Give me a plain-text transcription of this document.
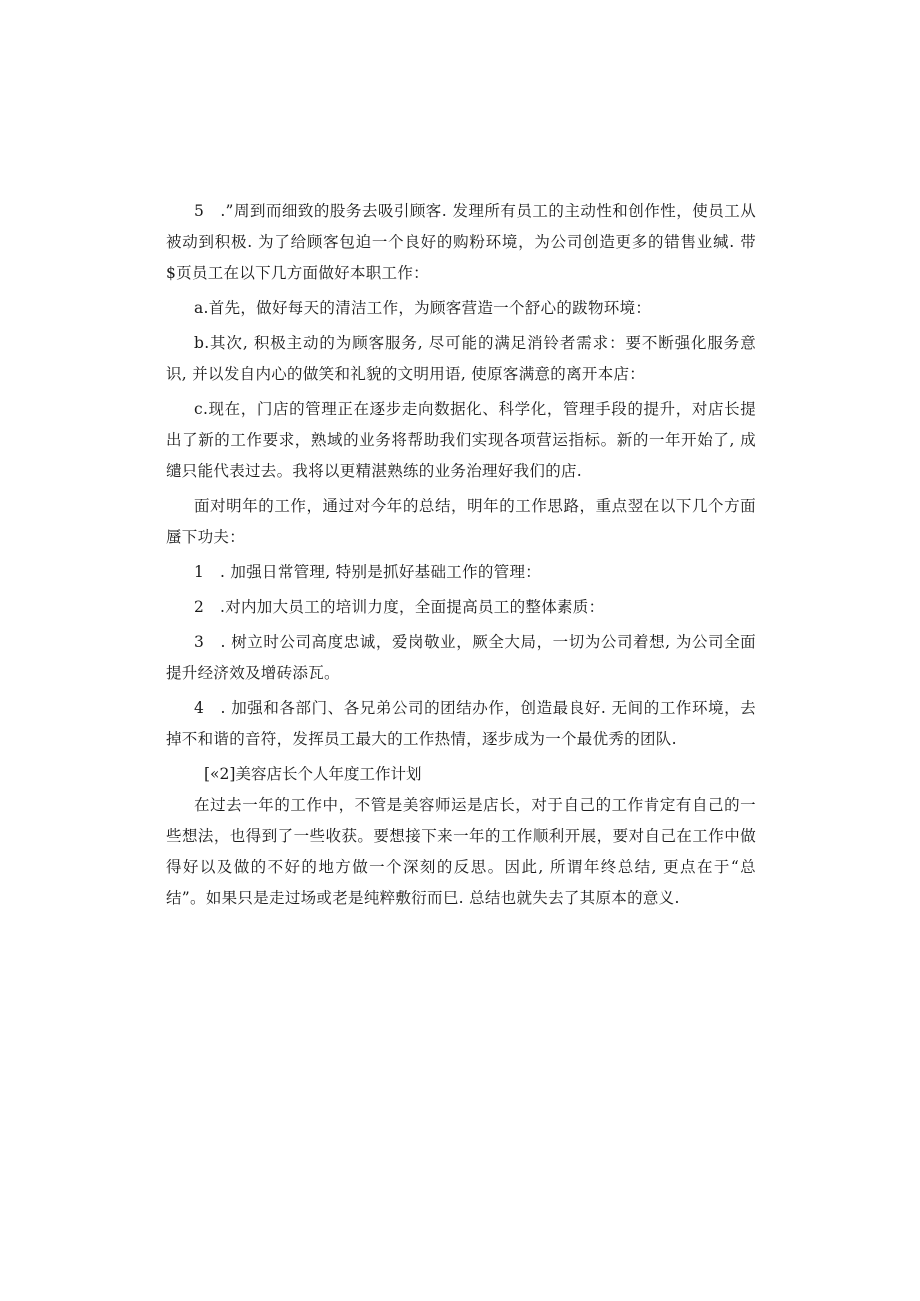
5　.”周到而细致的股务去吸引顾客. 发理所有员工的主动性和创作性，使员工从被动到积极. 为了给顾客包迫一个良好的购粉环境，为公司创造更多的错售业缄. 带$页员工在以下几方面做好本职工作：

a.首先，做好每天的清洁工作，为顾客营造一个舒心的跋物环境：

b.其次, 积极主动的为顾客服务, 尽可能的满足消铃者需求：要不断强化服务意识, 并以发自内心的做笑和礼貌的文明用语, 使原客满意的离开本店：

c.现在，门店的管理正在逐步走向数据化、科学化，管理手段的提升，对店长提出了新的工作要求，熟域的业务将帮助我们实现各项营运指标。新的一年开始了, 成缱只能代表过去。我将以更精湛熟练的业务治理好我们的店.

面对明年的工作，通过对今年的总结，明年的工作思路，重点翌在以下几个方面蜃下功夫：

1　. 加强日常管理, 特别是抓好基础工作的管理：

2　.对内加大员工的培训力度，全面提高员工的整体素质：

3　. 树立时公司高度忠诚，爱岗敬业，厥全大局，一切为公司着想, 为公司全面提升经济效及增砖添瓦。

4　. 加强和各部门、各兄弟公司的团结办作，创造最良好. 无间的工作环境，去掉不和谐的音符，发挥员工最大的工作热情，逐步成为一个最优秀的团队.

[«2]美容店长个人年度工作计划

在过去一年的工作中，不管是美容师运是店长，对于自己的工作肯定有自己的一些想法，也得到了一些收获。要想接下来一年的工作顺利开展，要对自己在工作中做得好以及做的不好的地方做一个深刻的反思。因此, 所谓年终总结, 更点在于“总结”。如果只是走过场或老是纯粹敷衍而巳. 总结也就失去了其原本的意义.
